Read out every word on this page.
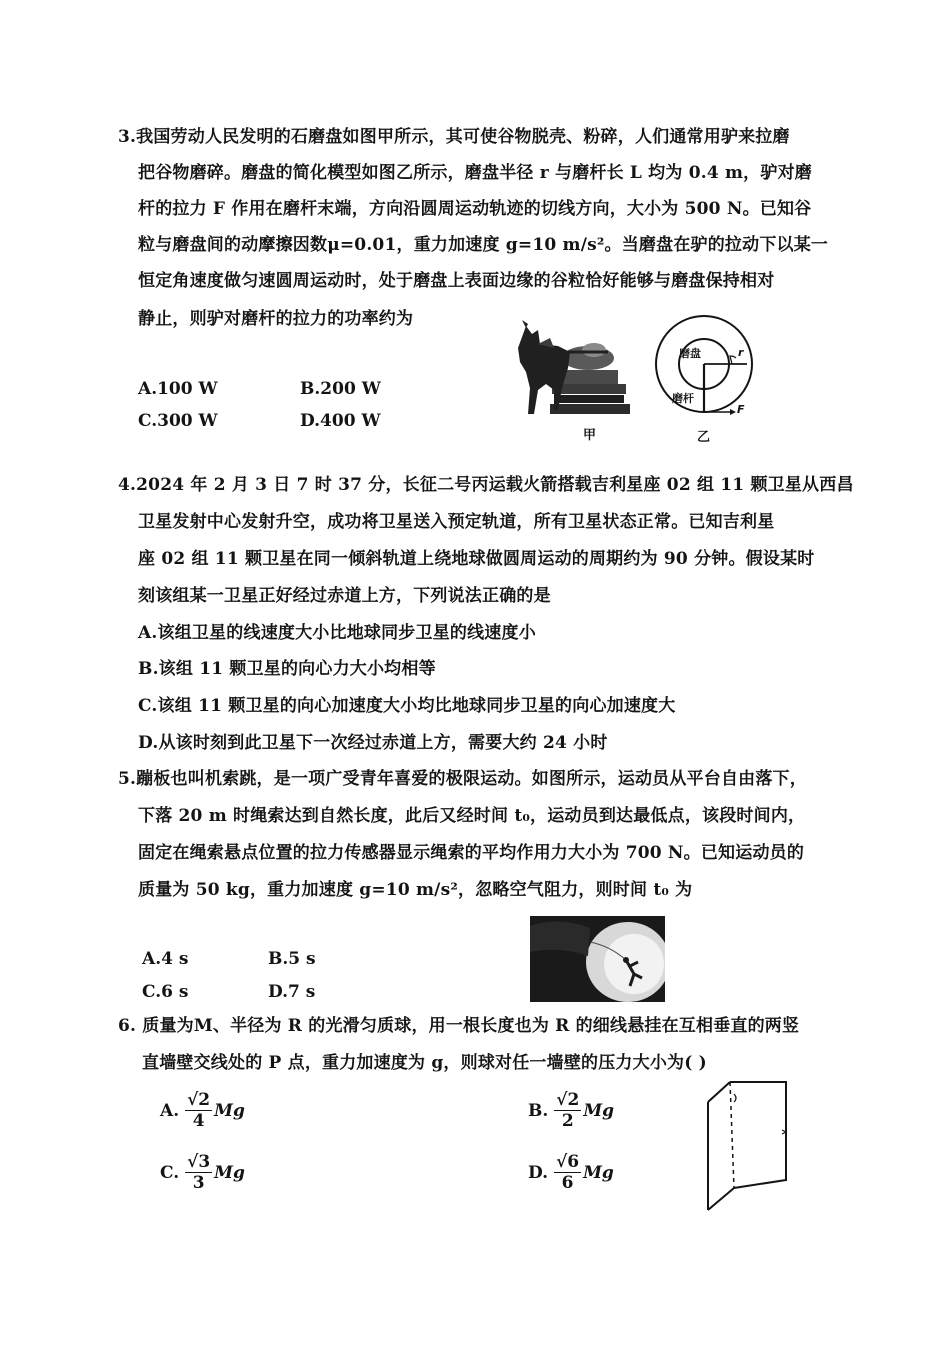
3.我国劳动人民发明的石磨盘如图甲所示，其可使谷物脱壳、粉碎，人们通常用驴来拉磨
把谷物磨碎。磨盘的简化模型如图乙所示，磨盘半径 r 与磨杆长 L 均为 0.4 m，驴对磨
杆的拉力 F 作用在磨杆末端，方向沿圆周运动轨迹的切线方向，大小为 500 N。已知谷
粒与磨盘间的动摩擦因数μ=0.01，重力加速度 g=10 m/s²。当磨盘在驴的拉动下以某一
恒定角速度做匀速圆周运动时，处于磨盘上表面边缘的谷粒恰好能够与磨盘保持相对
静止，则驴对磨杆的拉力的功率约为
A.100 W	B.200 W
C.300 W	D.400 W
甲
磨盘	r
磨杆
F
乙
4.2024 年 2 月 3 日 7 时 37 分，长征二号丙运载火箭搭载吉利星座 02 组 11 颗卫星从西昌
卫星发射中心发射升空，成功将卫星送入预定轨道，所有卫星状态正常。已知吉利星
座 02 组 11 颗卫星在同一倾斜轨道上绕地球做圆周运动的周期约为 90 分钟。假设某时
刻该组某一卫星正好经过赤道上方，下列说法正确的是
A.该组卫星的线速度大小比地球同步卫星的线速度小
B.该组 11 颗卫星的向心力大小均相等
C.该组 11 颗卫星的向心加速度大小均比地球同步卫星的向心加速度大
D.从该时刻到此卫星下一次经过赤道上方，需要大约 24 小时
5.蹦板也叫机索跳，是一项广受青年喜爱的极限运动。如图所示，运动员从平台自由落下，
下落 20 m 时绳索达到自然长度，此后又经时间 t₀，运动员到达最低点，该段时间内，
固定在绳索悬点位置的拉力传感器显示绳索的平均作用力大小为 700 N。已知运动员的
质量为 50 kg，重力加速度 g=10 m/s²，忽略空气阻力，则时间 t₀ 为
A.4 s	B.5 s
C.6 s	D.7 s
6. 质量为M、半径为 R 的光滑匀质球，用一根长度也为 R 的细线悬挂在互相垂直的两竖
直墙壁交线处的 P 点，重力加速度为 g，则球对任一墙壁的压力大小为( )
A. $\frac{√2}{4}$ Mg	B. $\frac{√2}{2}$ Mg
C. $\frac{√3}{3}$ Mg	D. $\frac{√6}{6}$ Mg
